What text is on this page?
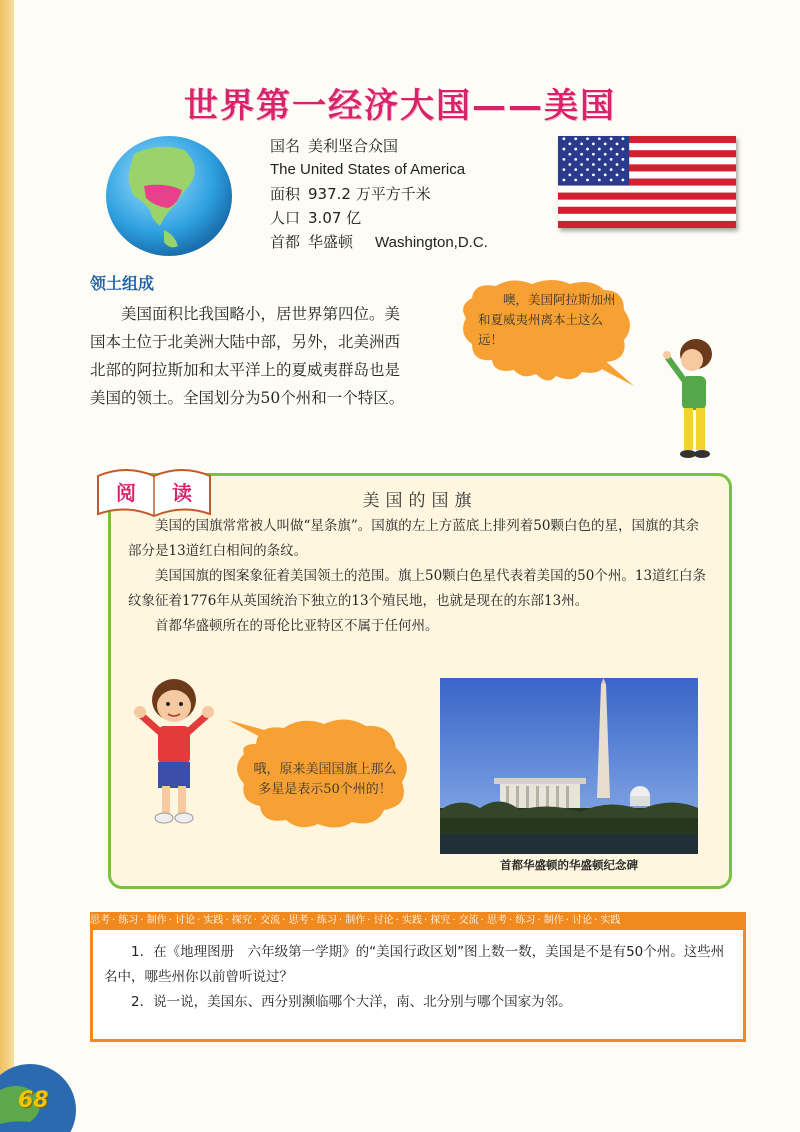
世界第一经济大国——美国
国名 美利坚合众国
The United States of America
面积 937.2 万平方千米
人口 3.07 亿
首都 华盛顿 Washington,D.C.
领土组成
美国面积比我国略小，居世界第四位。美国本土位于北美洲大陆中部，另外，北美洲西北部的阿拉斯加和太平洋上的夏威夷群岛也是美国的领土。全国划分为50个州和一个特区。
噢，美国阿拉斯加州和夏威夷州离本土这么远！
阅 读	美国的国旗

美国的国旗常常被人叫做“星条旗”。国旗的左上方蓝底上排列着50颗白色的星，国旗的其余部分是13道红白相间的条纹。

美国国旗的图案象征着美国领土的范围。旗上50颗白色星代表着美国的50个州。13道红白条纹象征着1776年从英国统治下独立的13个殖民地，也就是现在的东部13州。

首都华盛顿所在的哥伦比亚特区不属于任何州。

哦，原来美国国旗上那么多星是表示50个州的！
首都华盛顿的华盛顿纪念碑
思考 · 练习 · 制作 · 讨论 · 实践 · 探究 · 交流 · 思考 · 练习 · 制作 · 讨论 · 实践 · 探究 · 交流 · 思考 · 练习 · 制作 · 讨论 · 实践

1．在《地理图册　六年级第一学期》的“美国行政区划”图上数一数，美国是不是有50个州。这些州名中，哪些州你以前曾听说过？

2．说一说，美国东、西分别濒临哪个大洋，南、北分别与哪个国家为邻。

68
